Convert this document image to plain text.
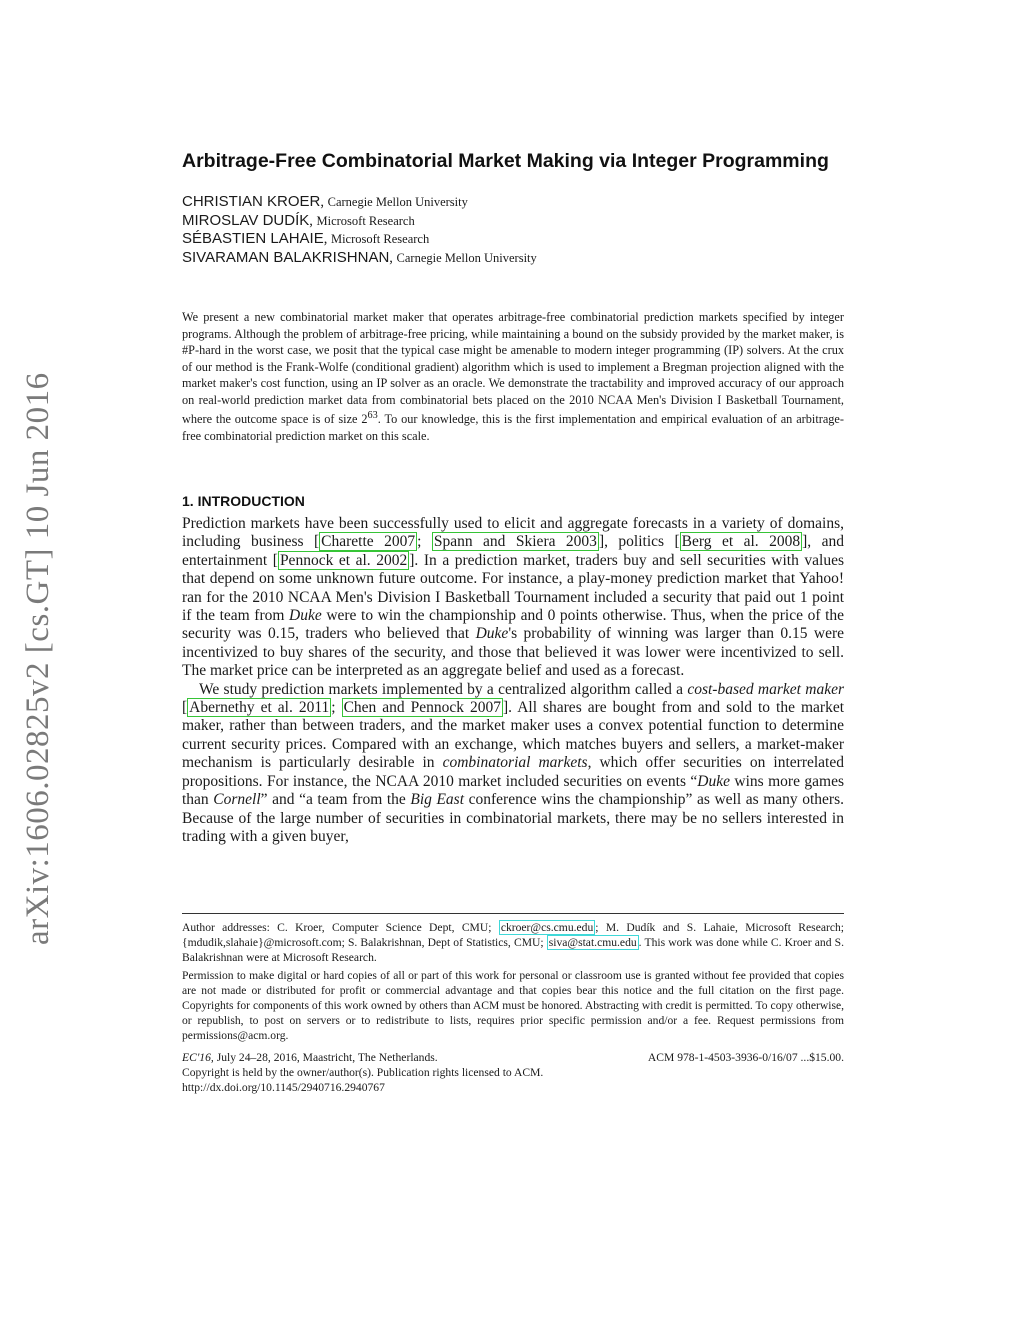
arXiv:1606.02825v2 [cs.GT] 10 Jun 2016
Arbitrage-Free Combinatorial Market Making via Integer Programming
CHRISTIAN KROER, Carnegie Mellon University
MIROSLAV DUDÍK, Microsoft Research
SÉBASTIEN LAHAIE, Microsoft Research
SIVARAMAN BALAKRISHNAN, Carnegie Mellon University

We present a new combinatorial market maker that operates arbitrage-free combinatorial prediction markets specified by integer programs. Although the problem of arbitrage-free pricing, while maintaining a bound on the subsidy provided by the market maker, is #P-hard in the worst case, we posit that the typical case might be amenable to modern integer programming (IP) solvers. At the crux of our method is the Frank-Wolfe (conditional gradient) algorithm which is used to implement a Bregman projection aligned with the market maker's cost function, using an IP solver as an oracle. We demonstrate the tractability and improved accuracy of our approach on real-world prediction market data from combinatorial bets placed on the 2010 NCAA Men's Division I Basketball Tournament, where the outcome space is of size $2^{63}$. To our knowledge, this is the first implementation and empirical evaluation of an arbitrage-free combinatorial prediction market on this scale.

1. INTRODUCTION

Prediction markets have been successfully used to elicit and aggregate forecasts in a variety of domains, including business [ Charette 2007 ; Spann and Skiera 2003 ], politics [ Berg et al. 2008 ], and entertainment [ Pennock et al. 2002 ]. In a prediction market, traders buy and sell securities with values that depend on some unknown future outcome. For instance, a play-money prediction market that Yahoo! ran for the 2010 NCAA Men's Division I Basketball Tournament included a security that paid out 1 point if the team from Duke were to win the championship and 0 points otherwise. Thus, when the price of the security was 0.15, traders who believed that Duke's probability of winning was larger than 0.15 were incentivized to buy shares of the security, and those that believed it was lower were incentivized to sell. The market price can be interpreted as an aggregate belief and used as a forecast.

We study prediction markets implemented by a centralized algorithm called a cost-based market maker [ Abernethy et al. 2011 ; Chen and Pennock 2007 ]. All shares are bought from and sold to the market maker, rather than between traders, and the market maker uses a convex potential function to determine current security prices. Compared with an exchange, which matches buyers and sellers, a market-maker mechanism is particularly desirable in combinatorial markets, which offer securities on interrelated propositions. For instance, the NCAA 2010 market included securities on events “Duke wins more games than Cornell” and “a team from the Big East conference wins the championship” as well as many others. Because of the large number of securities in combinatorial markets, there may be no sellers interested in trading with a given buyer,

Author addresses: C. Kroer, Computer Science Dept, CMU; ckroer@cs.cmu.edu ; M. Dudík and S. Lahaie, Microsoft Research; {mdudik,slahaie}@microsoft.com; S. Balakrishnan, Dept of Statistics, CMU; siva@stat.cmu.edu . This work was done while C. Kroer and S. Balakrishnan were at Microsoft Research.

Permission to make digital or hard copies of all or part of this work for personal or classroom use is granted without fee provided that copies are not made or distributed for profit or commercial advantage and that copies bear this notice and the full citation on the first page. Copyrights for components of this work owned by others than ACM must be honored. Abstracting with credit is permitted. To copy otherwise, or republish, to post on servers or to redistribute to lists, requires prior specific permission and/or a fee. Request permissions from permissions@acm.org.

EC'16, July 24–28, 2016, Maastricht, The Netherlands.	ACM 978-1-4503-3936-0/16/07 ...$15.00.

Copyright is held by the owner/author(s). Publication rights licensed to ACM.

http://dx.doi.org/10.1145/2940716.2940767
